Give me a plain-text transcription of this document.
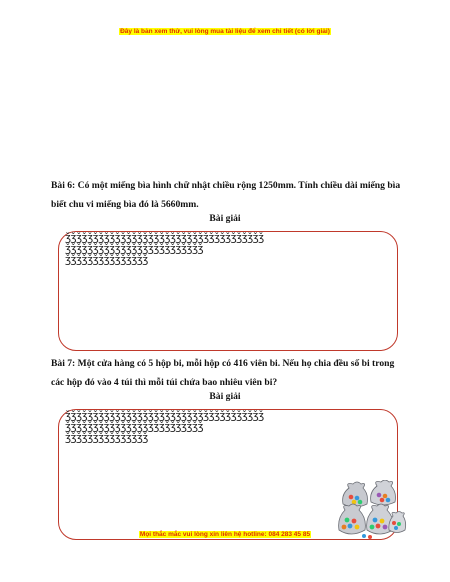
Đây là bản xem thử, vui lòng mua tài liệu để xem chi tiết (có lời giải)
Bài 6: Có một miếng bìa hình chữ nhật chiều rộng 1250mm. Tính chiều dài miếng bìa biết chu vi miếng bìa đó là 5660mm.
Bài giải
ǯǯǯǯǯǯǯǯǯǯǯǯǯǯǯǯǯǯǯǯǯǯǯǯǯǯǯǯǯǯǯǯǯǯǯǯ
ǯǯǯǯǯǯǯǯǯǯǯǯǯǯǯǯǯǯǯǯǯǯǯǯǯ
ǯǯǯǯǯǯǯǯǯǯǯǯǯǯǯ
Bài 7: Một cửa hàng có 5 hộp bi, mỗi hộp có 416 viên bi. Nếu họ chia đều số bi trong các hộp đó vào 4 túi thì mỗi túi chứa bao nhiêu viên bi?
Bài giải
ǯǯǯǯǯǯǯǯǯǯǯǯǯǯǯǯǯǯǯǯǯǯǯǯǯǯǯǯǯǯǯǯǯǯǯǯ
ǯǯǯǯǯǯǯǯǯǯǯǯǯǯǯǯǯǯǯǯǯǯǯǯǯ
ǯǯǯǯǯǯǯǯǯǯǯǯǯǯǯ
Mọi thắc mắc vui lòng xin liên hệ hotline: 084 283 45 85
